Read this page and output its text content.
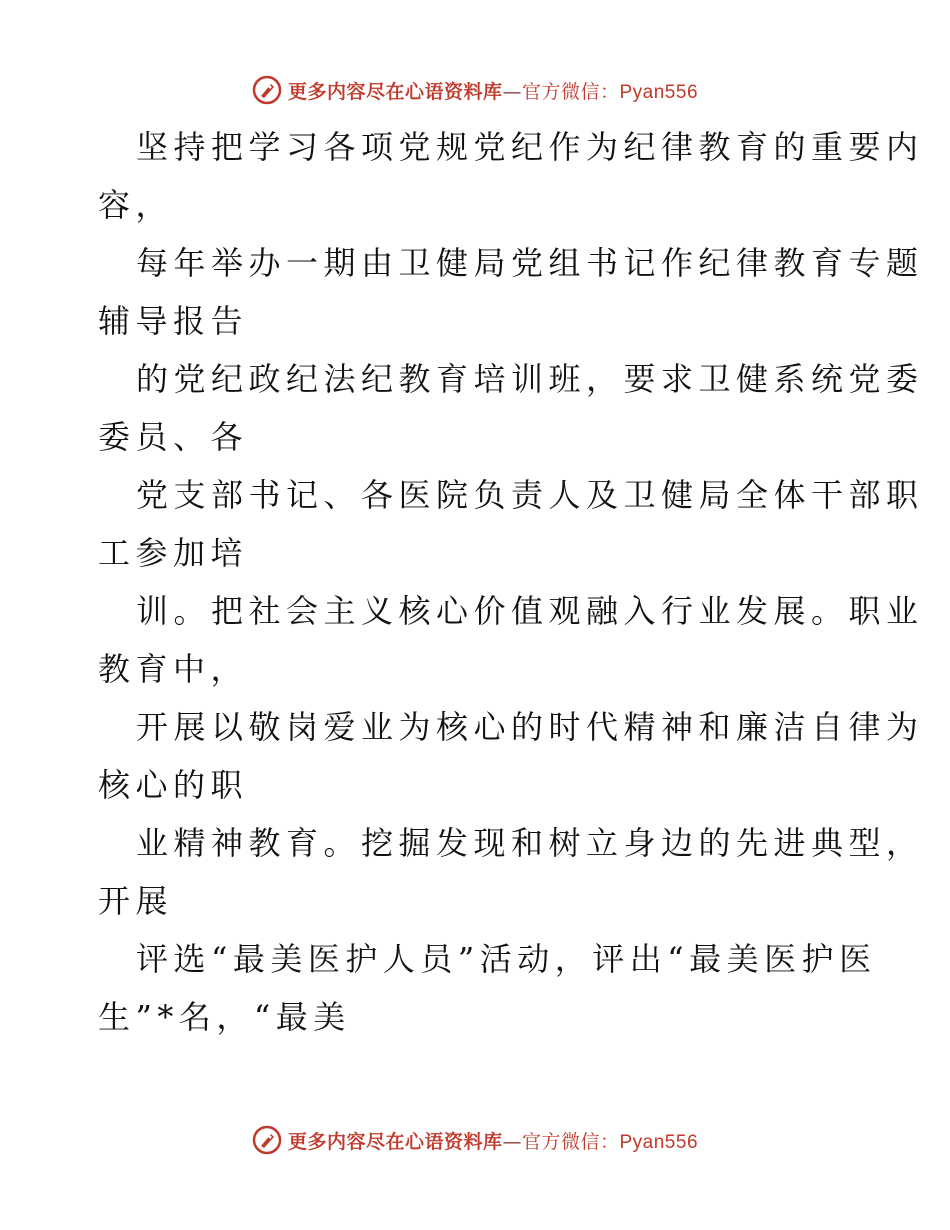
更多内容尽在心语资料库—官方微信：Pyan556

坚持把学习各项党规党纪作为纪律教育的重要内
容，

每年举办一期由卫健局党组书记作纪律教育专题
辅导报告

的党纪政纪法纪教育培训班，要求卫健系统党委
委员、各

党支部书记、各医院负责人及卫健局全体干部职
工参加培

训。把社会主义核心价值观融入行业发展。职业
教育中，

开展以敬岗爱业为核心的时代精神和廉洁自律为
核心的职

业精神教育。挖掘发现和树立身边的先进典型，
开展

评选“最美医护人员”活动，评出“最美医护医
生”*名，“最美

更多内容尽在心语资料库—官方微信：Pyan556
